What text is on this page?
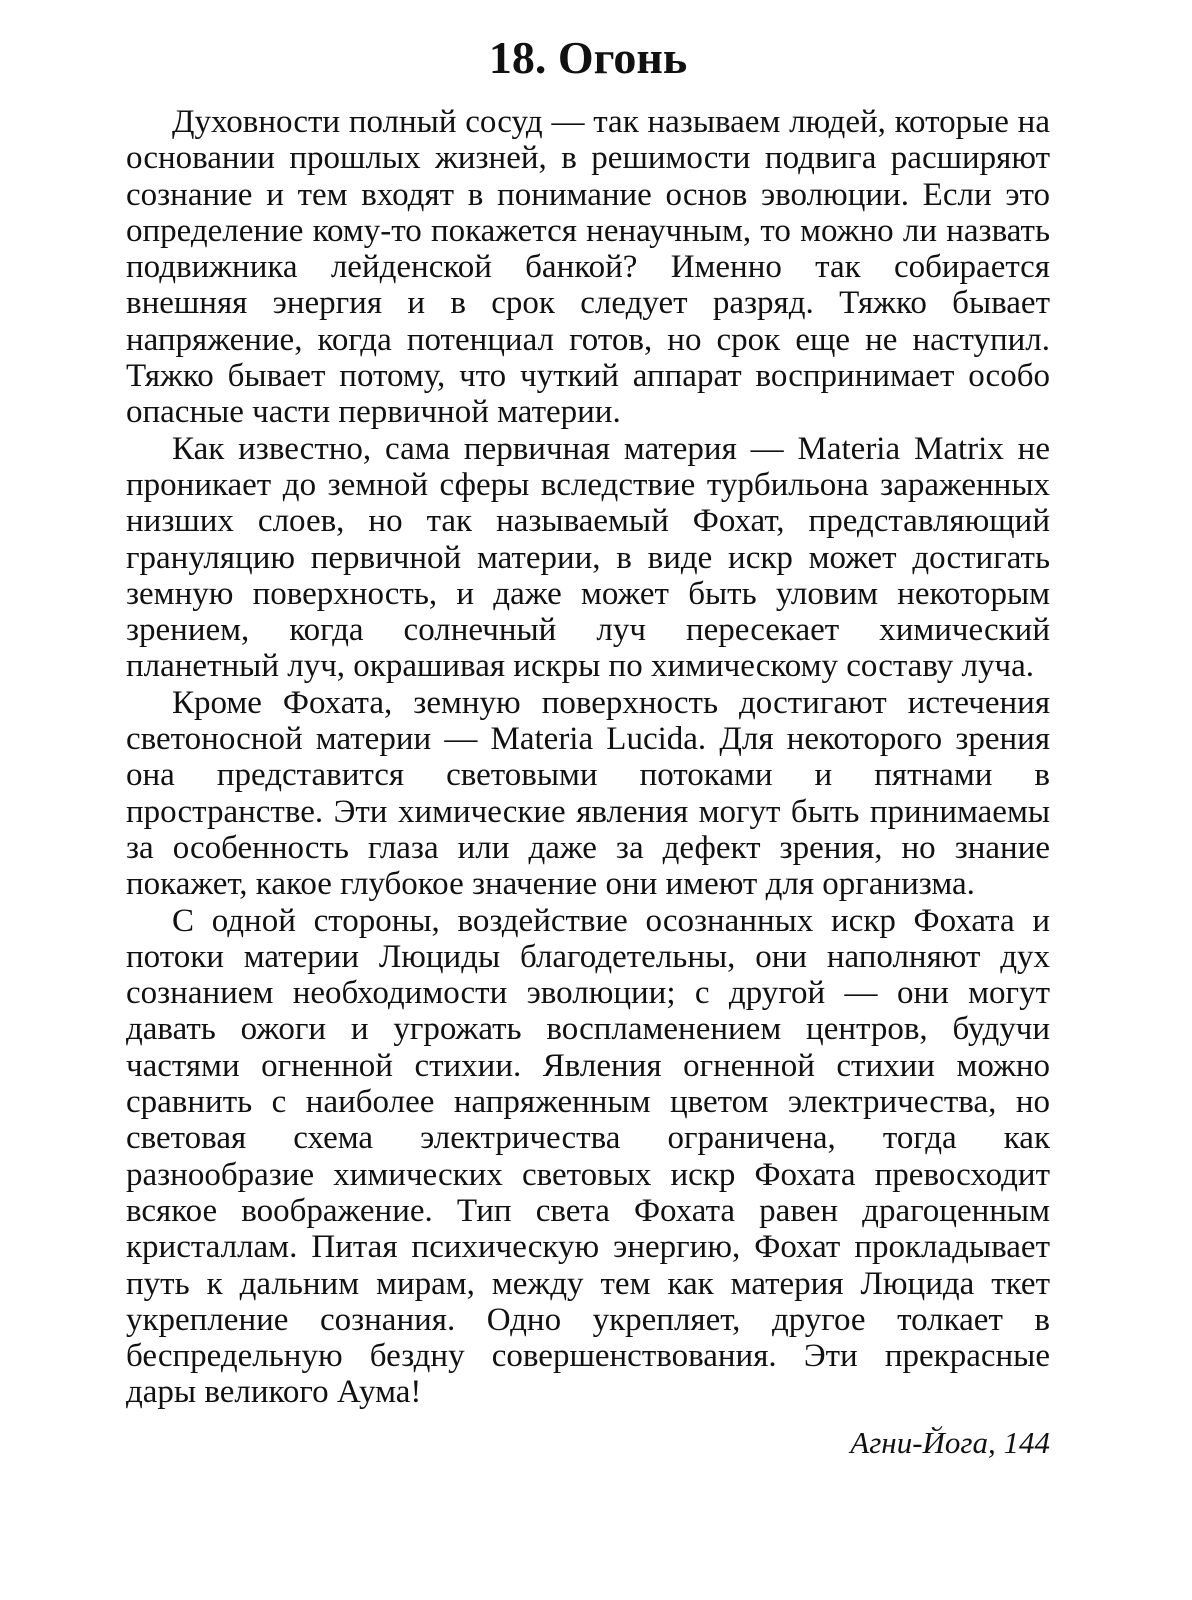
18. Огонь

Духовности полный сосуд — так называем людей, которые на основании прошлых жизней, в решимости подвига расширяют сознание и тем входят в понимание основ эволюции. Если это определение кому-то покажется ненаучным, то можно ли назвать подвижника лейденской банкой? Именно так собирается внешняя энергия и в срок следует разряд. Тяжко бывает напряжение, когда потенциал готов, но срок еще не наступил. Тяжко бывает потому, что чуткий аппарат воспринимает особо опасные части первичной материи.

Как известно, сама первичная материя — Materia Matrix не проникает до земной сферы вследствие турбильона зараженных низших слоев, но так называемый Фохат, представляющий грануляцию первичной материи, в виде искр может достигать земную поверхность, и даже может быть уловим некоторым зрением, когда солнечный луч пересекает химический планетный луч, окрашивая искры по химическому составу луча.

Кроме Фохата, земную поверхность достигают истечения светоносной материи — Materia Lucida. Для некоторого зрения она представится световыми потоками и пятнами в пространстве. Эти химические явления могут быть принимаемы за особенность глаза или даже за дефект зрения, но знание покажет, какое глубокое значение они имеют для организма.

С одной стороны, воздействие осознанных искр Фохата и потоки материи Люциды благодетельны, они наполняют дух сознанием необходимости эволюции; с другой — они могут давать ожоги и угрожать воспламенением центров, будучи частями огненной стихии. Явления огненной стихии можно сравнить с наиболее напряженным цветом электричества, но световая схема электричества ограничена, тогда как разнообразие химических световых искр Фохата превосходит всякое воображение. Тип света Фохата равен драгоценным кристаллам. Питая психическую энергию, Фохат прокладывает путь к дальним мирам, между тем как материя Люцида ткет укрепление сознания. Одно укрепляет, другое толкает в беспредельную бездну совершенствования. Эти прекрасные дары великого Аума!

Агни-Йога, 144
